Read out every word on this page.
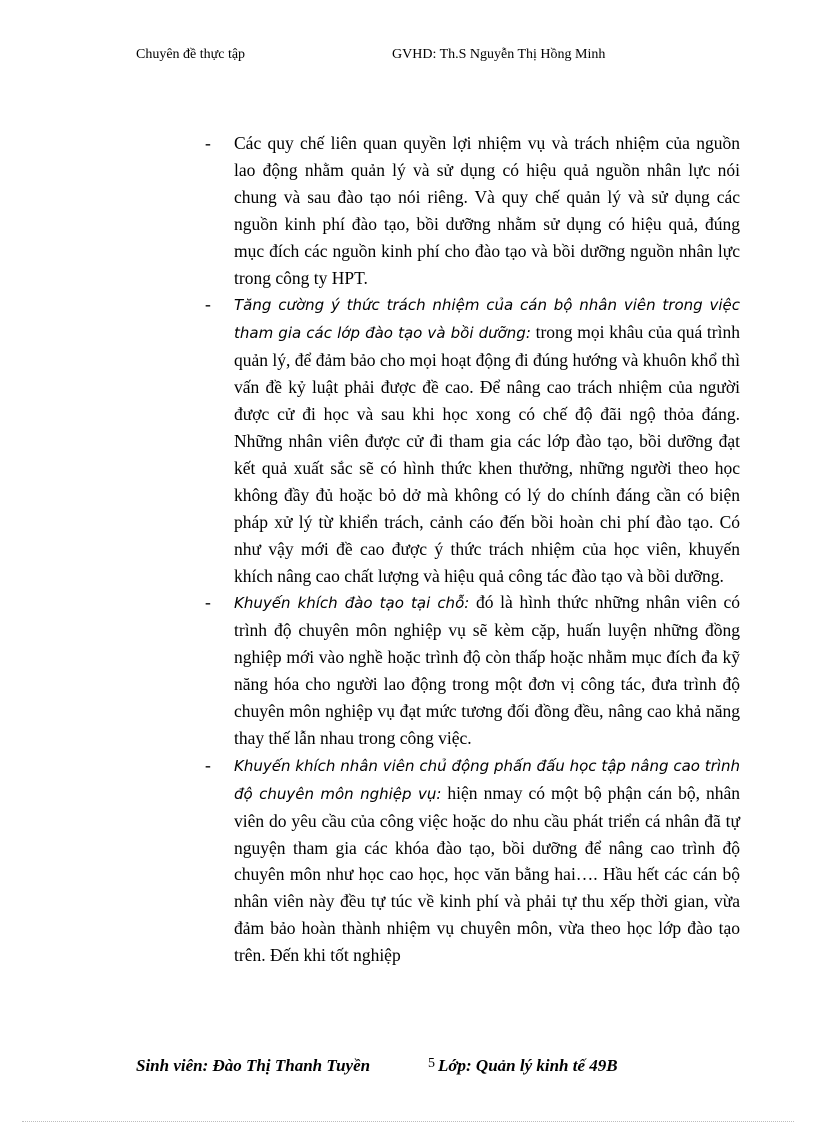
Chuyên đề thực tập	GVHD: Th.S Nguyễn Thị Hồng Minh
- Các quy chế liên quan quyền lợi nhiệm vụ và trách nhiệm của nguồn lao động nhằm quản lý và sử dụng có hiệu quả nguồn nhân lực nói chung và sau đào tạo nói riêng. Và quy chế quản lý và sử dụng các nguồn kinh phí đào tạo, bồi dưỡng nhằm sử dụng có hiệu quả, đúng mục đích các nguồn kinh phí cho đào tạo và bồi dưỡng nguồn nhân lực trong công ty HPT.
- Tăng cường ý thức trách nhiệm của cán bộ nhân viên trong việc tham gia các lớp đào tạo và bồi dưỡng: trong mọi khâu của quá trình quản lý, để đảm bảo cho mọi hoạt động đi đúng hướng và khuôn khổ thì vấn đề kỷ luật phải được đề cao. Để nâng cao trách nhiệm của người được cử đi học và sau khi học xong có chế độ đãi ngộ thỏa đáng. Những nhân viên được cử đi tham gia các lớp đào tạo, bồi dưỡng đạt kết quả xuất sắc sẽ có hình thức khen thưởng, những người theo học không đầy đủ hoặc bỏ dở mà không có lý do chính đáng cần có biện pháp xử lý từ khiển trách, cảnh cáo đến bồi hoàn chi phí đào tạo. Có như vậy mới đề cao được ý thức trách nhiệm của học viên, khuyến khích nâng cao chất lượng và hiệu quả công tác đào tạo và bồi dưỡng.
- Khuyến khích đào tạo tại chỗ: đó là hình thức những nhân viên có trình độ chuyên môn nghiệp vụ sẽ kèm cặp, huấn luyện những đồng nghiệp mới vào nghề hoặc trình độ còn thấp hoặc nhằm mục đích đa kỹ năng hóa cho người lao động trong một đơn vị công tác, đưa trình độ chuyên môn nghiệp vụ đạt mức tương đối đồng đều, nâng cao khả năng thay thế lẫn nhau trong công việc.
- Khuyến khích nhân viên chủ động phấn đấu học tập nâng cao trình độ chuyên môn nghiệp vụ: hiện nmay có một bộ phận cán bộ, nhân viên do yêu cầu của công việc hoặc do nhu cầu phát triển cá nhân đã tự nguyện tham gia các khóa đào tạo, bồi dưỡng để nâng cao trình độ chuyên môn như học cao học, học văn bằng hai…. Hầu hết các cán bộ nhân viên này đều tự túc về kinh phí và phải tự thu xếp thời gian, vừa đảm bảo hoàn thành nhiệm vụ chuyên môn, vừa theo học lớp đào tạo trên. Đến khi tốt nghiệp
Sinh viên: Đào Thị Thanh Tuyền	5 Lớp: Quản lý kinh tế 49B
